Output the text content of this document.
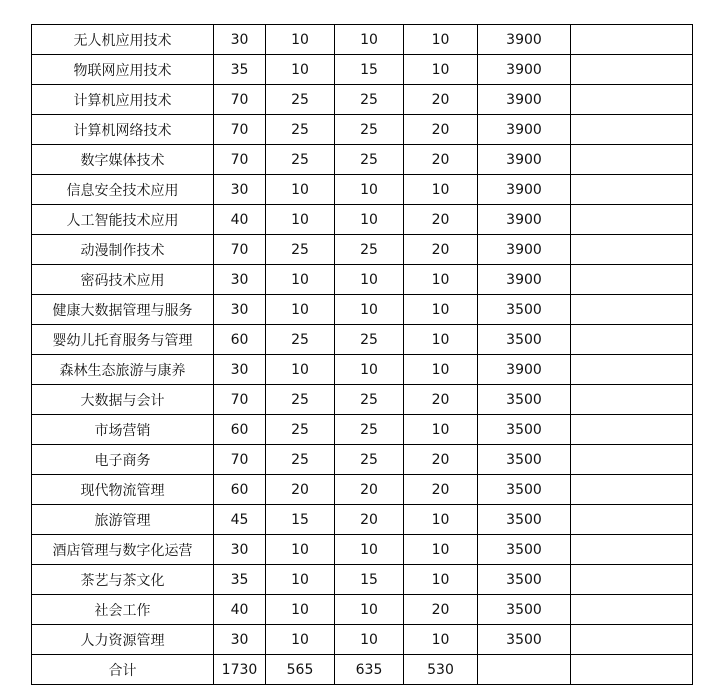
无人机应用技术	30	10	10	10	3900	
物联网应用技术	35	10	15	10	3900	
计算机应用技术	70	25	25	20	3900	
计算机网络技术	70	25	25	20	3900	
数字媒体技术	70	25	25	20	3900	
信息安全技术应用	30	10	10	10	3900	
人工智能技术应用	40	10	10	20	3900	
动漫制作技术	70	25	25	20	3900	
密码技术应用	30	10	10	10	3900	
健康大数据管理与服务	30	10	10	10	3500	
婴幼儿托育服务与管理	60	25	25	10	3500	
森林生态旅游与康养	30	10	10	10	3900	
大数据与会计	70	25	25	20	3500	
市场营销	60	25	25	10	3500	
电子商务	70	25	25	20	3500	
现代物流管理	60	20	20	20	3500	
旅游管理	45	15	20	10	3500	
酒店管理与数字化运营	30	10	10	10	3500	
茶艺与茶文化	35	10	15	10	3500	
社会工作	40	10	10	20	3500	
人力资源管理	30	10	10	10	3500	
合计	1730	565	635	530		
